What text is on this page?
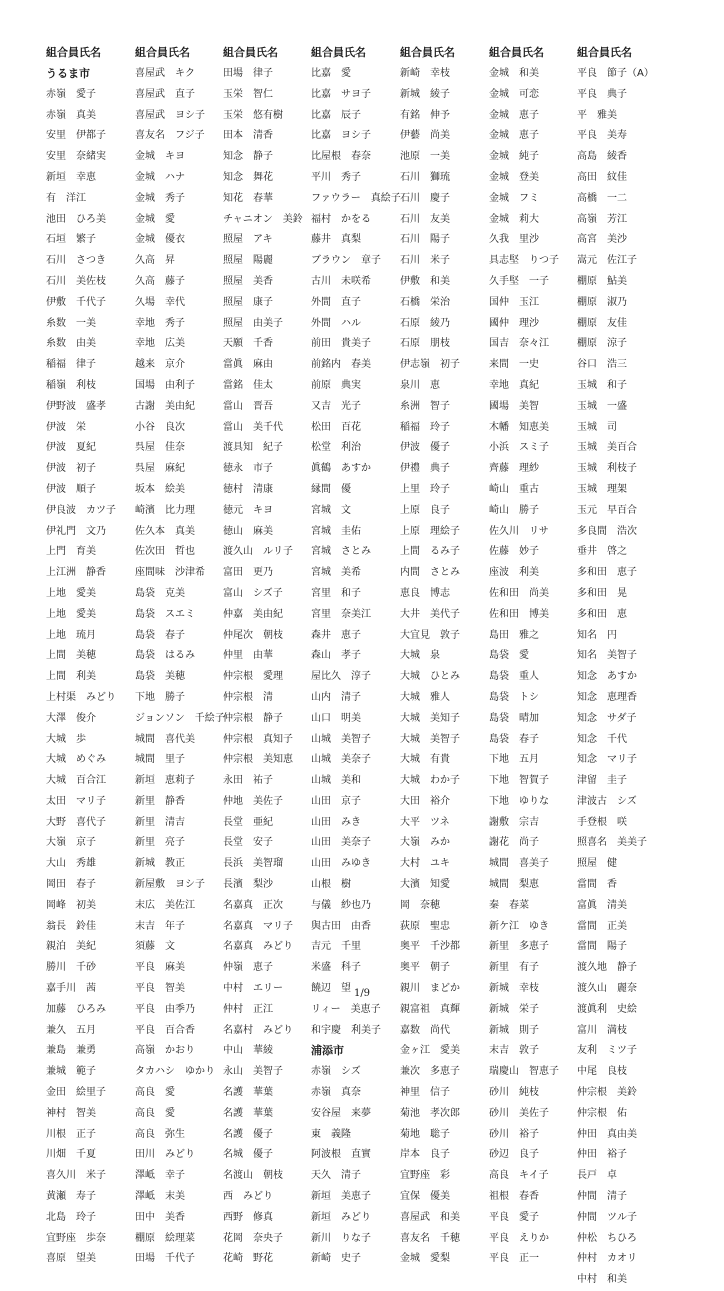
組合員氏名
うるま市
赤嶺　愛子
赤嶺　真美
安里　伊都子
安里　奈緒実
新垣　幸恵
有　洋江
池田　ひろ美
石垣　繁子
石川　さつき
石川　美佐枝
伊敷　千代子
糸数　一美
糸数　由美
稲福　律子
稲嶺　利枝
伊野波　盛孝
伊波　栄
伊波　夏紀
伊波　初子
伊波　順子
伊良波　カツ子
伊礼門　文乃
上門　育美
上江洲　静香
上地　愛美
上地　愛美
上地　琉月
上間　美穂
上間　利美
上村渠　みどり
大澤　俊介
大城　歩
大城　めぐみ
大城　百合江
太田　マリ子
大野　喜代子
大嶺　京子
大山　秀雄
岡田　春子
岡峰　初美
翁長　鈴佳
親泊　美紀
勝川　千砂
嘉手川　茜
加藤　ひろみ
兼久　五月
兼島　兼勇
兼城　範子
金田　絵里子
神村　智美
川根　正子
川畑　千夏
喜久川　米子
黄瀬　寿子
北島　玲子
宜野座　歩奈
喜原　望美
組合員氏名
喜屋武　キク
喜屋武　直子
喜屋武　ヨシ子
喜友名　フジ子
金城　キヨ
金城　ハナ
金城　秀子
金城　愛
金城　優衣
久高　昇
久高　藤子
久場　幸代
幸地　秀子
幸地　広美
越来　京介
国場　由利子
古謝　美由紀
小谷　良次
呉屋　佳奈
呉屋　麻紀
坂本　絵美
崎濱　比力理
佐久本　真美
佐次田　哲也
座間味　沙津希
島袋　克美
島袋　スエミ
島袋　春子
島袋　はるみ
島袋　美穂
下地　勝子
ジョンソン　千絵子
城間　喜代美
城間　里子
新垣　恵莉子
新里　静香
新里　清吉
新里　亮子
新城　教正
新屋敷　ヨシ子
末広　美佐江
末吉　年子
須藤　文
平良　麻美
平良　智美
平良　由季乃
平良　百合香
高嶺　かおり
タカハシ　ゆかり
高良　愛
高良　愛
高良　弥生
田川　みどり
澤岻　幸子
澤岻　末美
田中　美香
棚原　絵理菜
田場　千代子
組合員氏名
田場　律子
玉栄　智仁
玉栄　悠有樹
田本　清香
知念　静子
知念　舞花
知花　春華
チャニオン　美鈴
照屋　アキ
照屋　陽麗
照屋　美香
照屋　康子
照屋　由美子
天願　千香
當眞　麻由
當銘　佳太
當山　晋吾
當山　美千代
渡具知　紀子
徳永　市子
徳村　清康
徳元　キヨ
徳山　麻美
渡久山　ルリ子
富田　更乃
富山　シズ子
仲嘉　美由紀
仲尾次　朝枝
仲里　由華
仲宗根　愛理
仲宗根　清
仲宗根　静子
仲宗根　真知子
仲宗根　美知恵
永田　祐子
仲地　美佐子
長堂　亜紀
長堂　安子
長浜　美智瑠
長濱　梨沙
名嘉真　正次
名嘉真　マリ子
名嘉真　みどり
仲嶺　恵子
中村　エリー
仲村　正江
名嘉村　みどり
中山　華綾
永山　美智子
名護　華葉
名護　華葉
名護　優子
名城　優子
名渡山　朝枝
西　みどり
西野　修真
花岡　奈央子
花崎　野花
組合員氏名
比嘉　愛
比嘉　サヨ子
比嘉　辰子
比嘉　ヨシ子
比屋根　春奈
平川　秀子
ファウラー　真絵子
福村　かをる
藤井　真梨
ブラウン　章子
古川　未咲希
外間　直子
外間　ハル
前田　貴美子
前銘内　春美
前原　典実
又吉　光子
松田　百花
松堂　利治
眞鶴　あすか
縁間　優
宮城　文
宮城　圭佑
宮城　さとみ
宮城　美希
宮里　和子
宮里　奈美江
森井　恵子
森山　孝子
屋比久　淳子
山内　清子
山口　明美
山城　美智子
山城　美奈子
山城　美和
山田　京子
山田　みき
山田　美奈子
山田　みゆき
山根　樹
与儀　紗也乃
與古田　由香
吉元　千里
米盛　科子
饒辺　望
リィー　美恵子
和宇慶　利美子
浦添市
赤嶺　シズ
赤嶺　真奈
安谷屋　来夢
東　義隆
阿波根　直實
天久　清子
新垣　美恵子
新垣　みどり
新川　りな子
新崎　史子
組合員氏名
新崎　幸枝
新城　綾子
有銘　伸予
伊藝　尚美
池原　一美
石川　獅琉
石川　慶子
石川　友美
石川　陽子
石川　米子
伊敷　和美
石橋　栄治
石原　綾乃
石原　朋枝
伊志嶺　初子
泉川　恵
糸洲　智子
稲福　玲子
伊波　優子
伊禮　典子
上里　玲子
上原　良子
上原　理絵子
上間　るみ子
内間　さとみ
恵良　博志
大井　美代子
大宜見　敦子
大城　泉
大城　ひとみ
大城　雅人
大城　美知子
大城　美智子
大城　有貴
大城　わか子
大田　裕介
大平　ツネ
大嶺　みか
大村　ユキ
大濱　知愛
岡　奈穂
荻原　聖忠
奥平　千沙都
奥平　朝子
親川　まどか
親富祖　真輝
嘉数　尚代
金ヶ江　愛美
兼次　多恵子
神里　信子
菊池　孝次郎
菊地　聡子
岸本　良子
宜野座　彩
宜保　優美
喜屋武　和美
喜友名　千穂
金城　愛梨
組合員氏名
金城　和美
金城　可恋
金城　恵子
金城　恵子
金城　純子
金城　登美
金城　フミ
金城　莉大
久我　里沙
具志堅　りつ子
久手堅　一子
国仲　玉江
國仲　理沙
国吉　奈々江
来間　一史
幸地　真紀
國場　美智
木幡　知恵美
小浜　スミ子
齊藤　理紗
崎山　重古
崎山　勝子
佐久川　リサ
佐藤　妙子
座波　利美
佐和田　尚美
佐和田　博美
島田　雅之
島袋　愛
島袋　重人
島袋　トシ
島袋　晴加
島袋　春子
下地　五月
下地　智賀子
下地　ゆりな
謝敷　宗吉
謝花　尚子
城間　喜美子
城間　梨恵
秦　春菜
新ケ江　ゆき
新里　多恵子
新里　有子
新城　幸枝
新城　栄子
新城　則子
末吉　敦子
瑞慶山　智恵子
砂川　純枝
砂川　美佐子
砂川　裕子
砂辺　良子
高良　キイ子
祖根　春香
平良　愛子
平良　えりか
平良　正一
組合員氏名
平良　節子（A）
平良　典子
平　雅美
平良　美寿
高島　綾香
高田　紋佳
高橋　一二
高嶺　芳江
高宮　美沙
嵩元　佐江子
棚原　鮎美
棚原　淑乃
棚原　友佳
棚原　涼子
谷口　浩三
玉城　和子
玉城　一盛
玉城　司
玉城　美百合
玉城　利枝子
玉城　理架
玉元　早百合
多良間　浩次
垂井　啓之
多和田　恵子
多和田　晃
多和田　恵
知名　円
知名　美智子
知念　あすか
知念　恵理香
知念　サダ子
知念　千代
知念　マリ子
津留　圭子
津波古　シズ
手登根　咲
照喜名　美美子
照屋　健
當間　香
富眞　清美
當間　正美
當間　陽子
渡久地　静子
渡久山　麗奈
渡眞利　史絵
富川　満枝
友利　ミツ子
中尾　良枝
仲宗根　美鈴
仲宗根　佑
仲田　真由美
仲田　裕子
長戸　卓
仲間　清子
仲間　ツル子
仲松　ちひろ
仲村　カオリ
中村　和美
1/9
